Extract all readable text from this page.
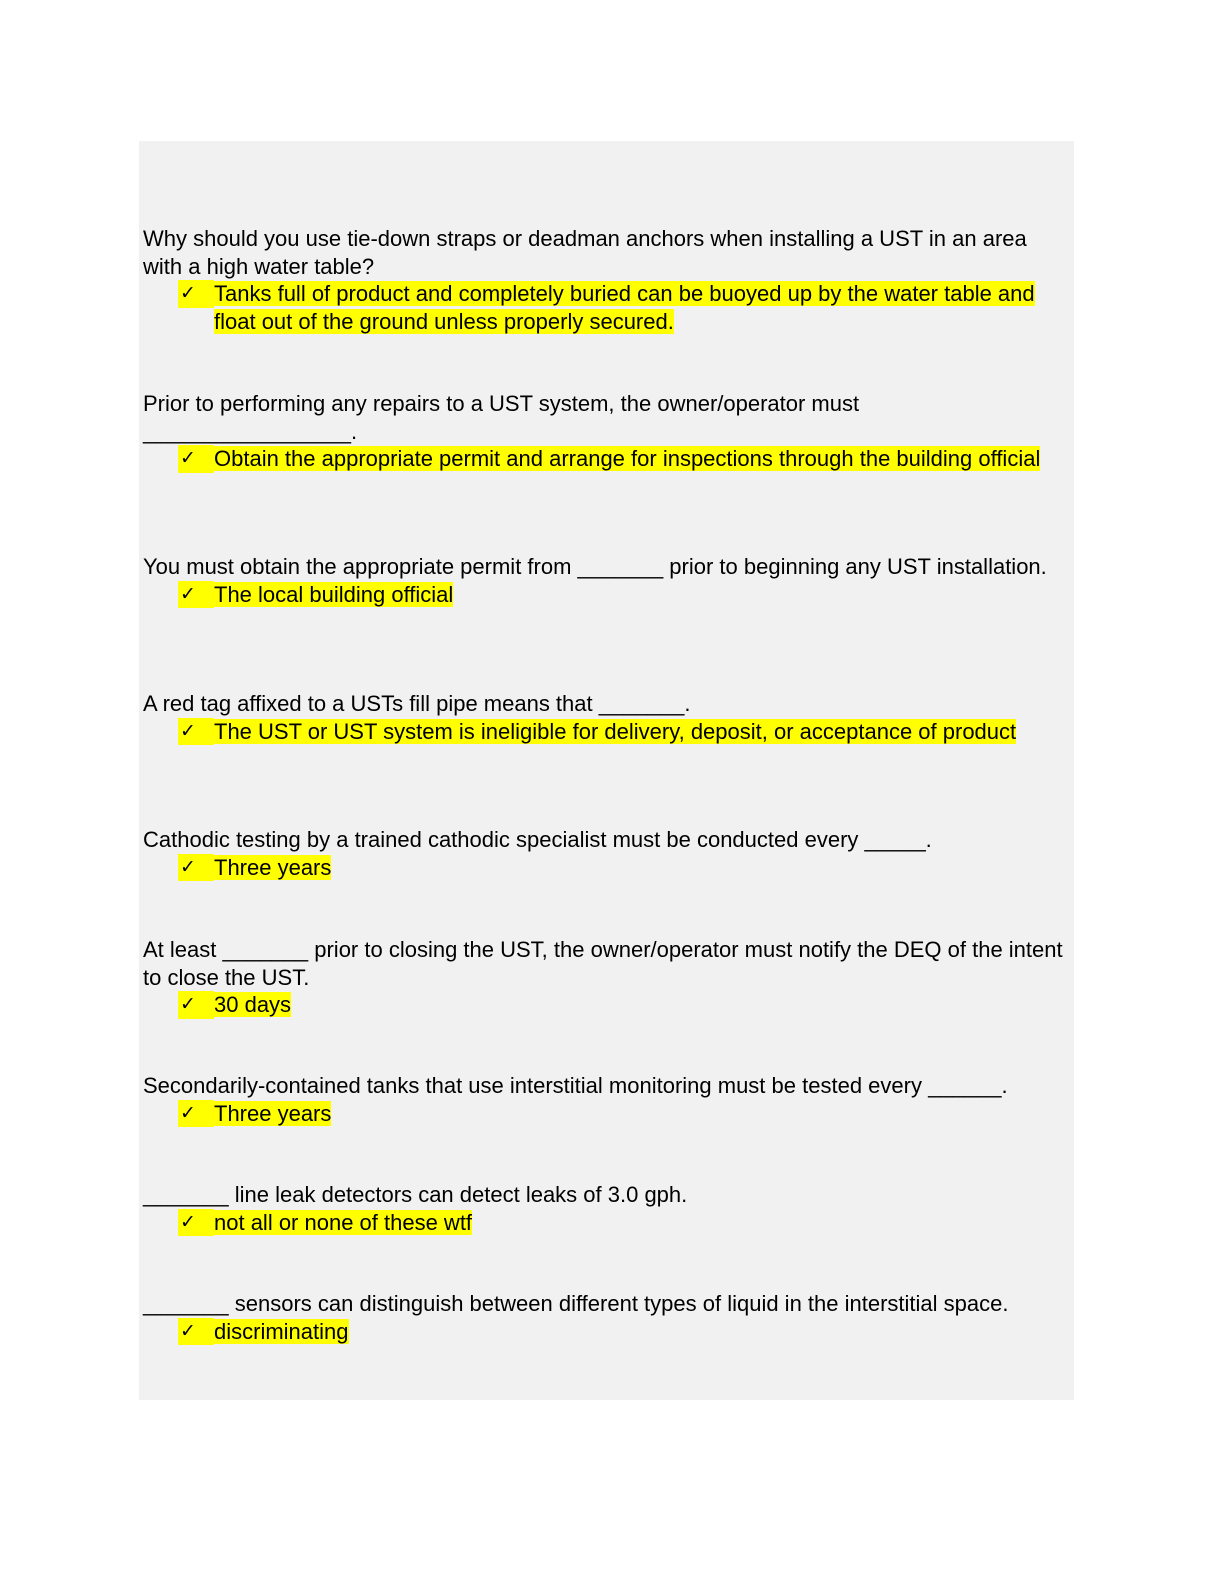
Why should you use tie-down straps or deadman anchors when installing a UST in an area with a high water table?

✓ Tanks full of product and completely buried can be buoyed up by the water table and float out of the ground unless properly secured.

Prior to performing any repairs to a UST system, the owner/operator must
_________________.

✓ Obtain the appropriate permit and arrange for inspections through the building official

You must obtain the appropriate permit from _______ prior to beginning any UST installation.

✓ The local building official

A red tag affixed to a USTs fill pipe means that _______.

✓ The UST or UST system is ineligible for delivery, deposit, or acceptance of product

Cathodic testing by a trained cathodic specialist must be conducted every _____.

✓ Three years

At least _______ prior to closing the UST, the owner/operator must notify the DEQ of the intent to close the UST.

✓ 30 days

Secondarily-contained tanks that use interstitial monitoring must be tested every ______.

✓ Three years

_______ line leak detectors can detect leaks of 3.0 gph.

✓ not all or none of these wtf

_______ sensors can distinguish between different types of liquid in the interstitial space.

✓ discriminating
